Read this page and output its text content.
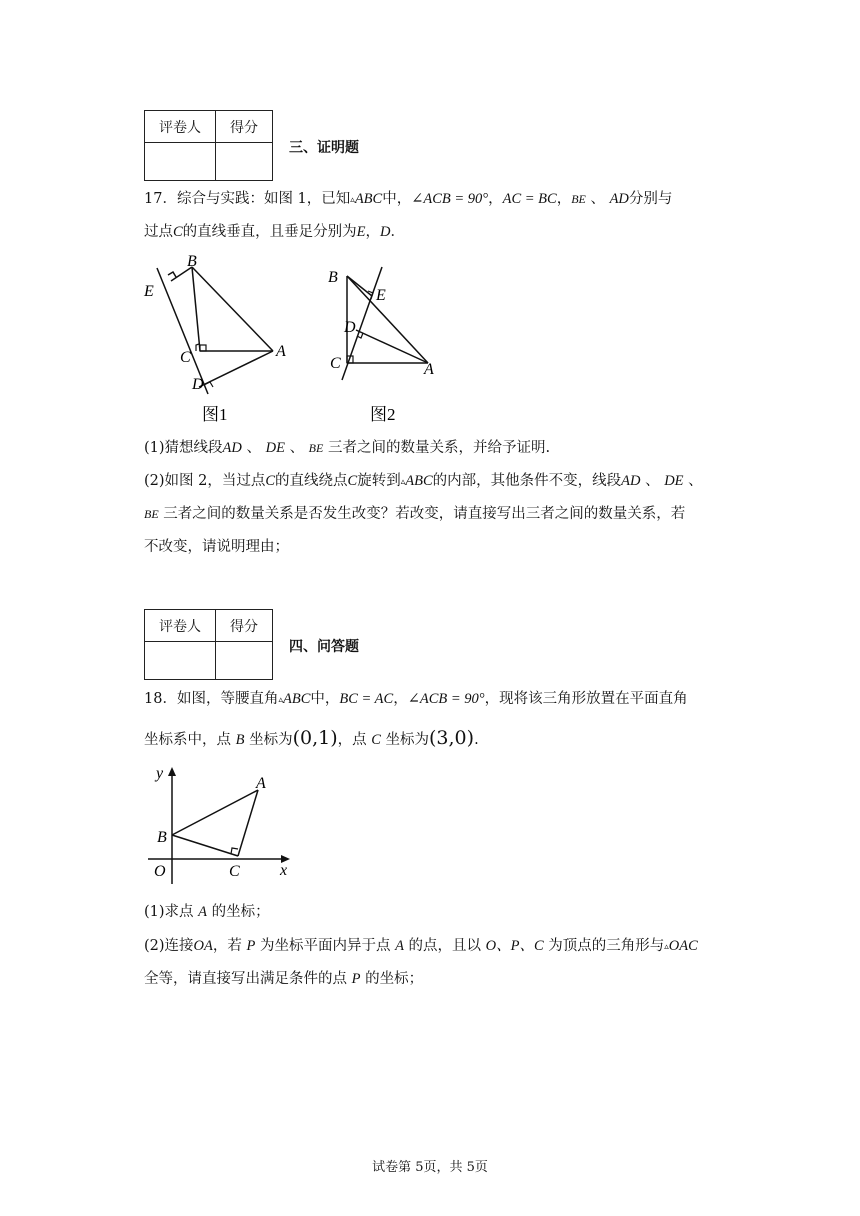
评卷人	得分

三、证明题
17．综合与实践：如图 1，已知▵ABC中，∠ACB = 90°，AC = BC，BE 、 AD分别与
过点C的直线垂直，且垂足分别为E，D．
B
E
C	A
D
图1
B
E
D
C	A
图2
(1)猜想线段AD 、 DE 、 BE 三者之间的数量关系，并给予证明.
(2)如图 2，当过点C的直线绕点C旋转到▵ABC的内部，其他条件不变，线段AD 、 DE 、
BE 三者之间的数量关系是否发生改变？若改变，请直接写出三者之间的数量关系，若
不改变，请说明理由；
评卷人	得分

四、问答题
18．如图，等腰直角▵ABC中，BC = AC，∠ACB = 90°，现将该三角形放置在平面直角
坐标系中，点 B 坐标为(0,1)，点 C 坐标为(3,0).
y
x
A
B
C
O
(1)求点 A 的坐标；
(2)连接OA，若 P 为坐标平面内异于点 A 的点，且以 O、P、C 为顶点的三角形与▵OAC
全等，请直接写出满足条件的点 P 的坐标；
试卷第 5页，共 5页
